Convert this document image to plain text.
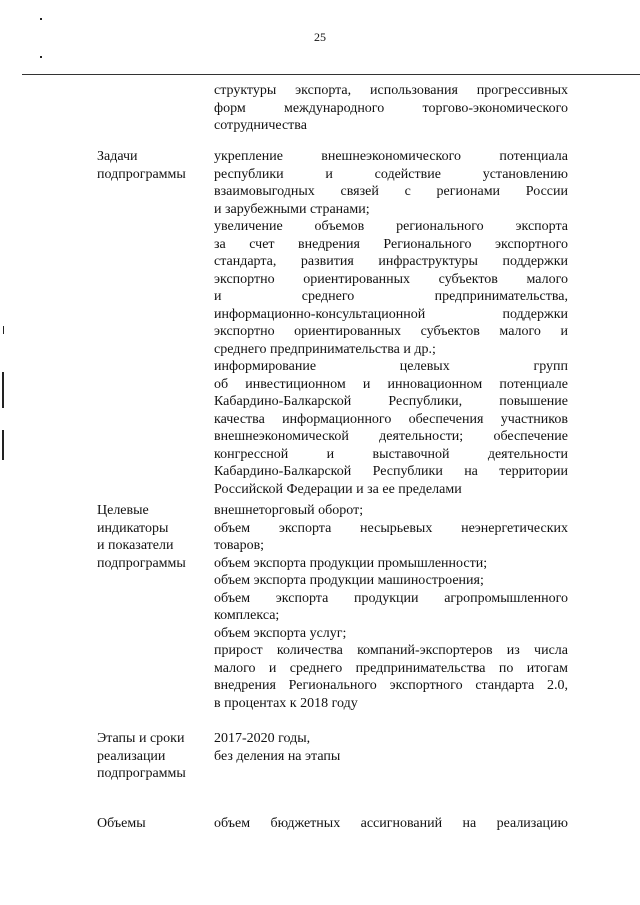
25
структуры экспорта, использования прогрессивных
форм международного торгово-экономического
сотрудничества
Задачи
подпрограммы
укрепление внешнеэкономического потенциала
республики и содействие установлению
взаимовыгодных связей с регионами России
и зарубежными странами;
увеличение объемов регионального экспорта
за счет внедрения Регионального экспортного
стандарта, развития инфраструктуры поддержки
экспортно ориентированных субъектов малого
и среднего предпринимательства,
информационно-консультационной поддержки
экспортно ориентированных субъектов малого и
среднего предпринимательства и др.;
информирование целевых групп
об инвестиционном и инновационном потенциале
Кабардино-Балкарской Республики, повышение
качества информационного обеспечения участников
внешнеэкономической деятельности; обеспечение
конгрессной и выставочной деятельности
Кабардино-Балкарской Республики на территории
Российской Федерации и за ее пределами
Целевые
индикаторы
и показатели
подпрограммы
внешнеторговый оборот;
объем экспорта несырьевых неэнергетических
товаров;
объем экспорта продукции промышленности;
объем экспорта продукции машиностроения;
объем экспорта продукции агропромышленного
комплекса;
объем экспорта услуг;
прирост количества компаний-экспортеров из числа
малого и среднего предпринимательства по итогам
внедрения Регионального экспортного стандарта 2.0,
в процентах к 2018 году
Этапы и сроки
реализации
подпрограммы
2017-2020 годы,
без деления на этапы
Объемы	объем бюджетных ассигнований на реализацию
